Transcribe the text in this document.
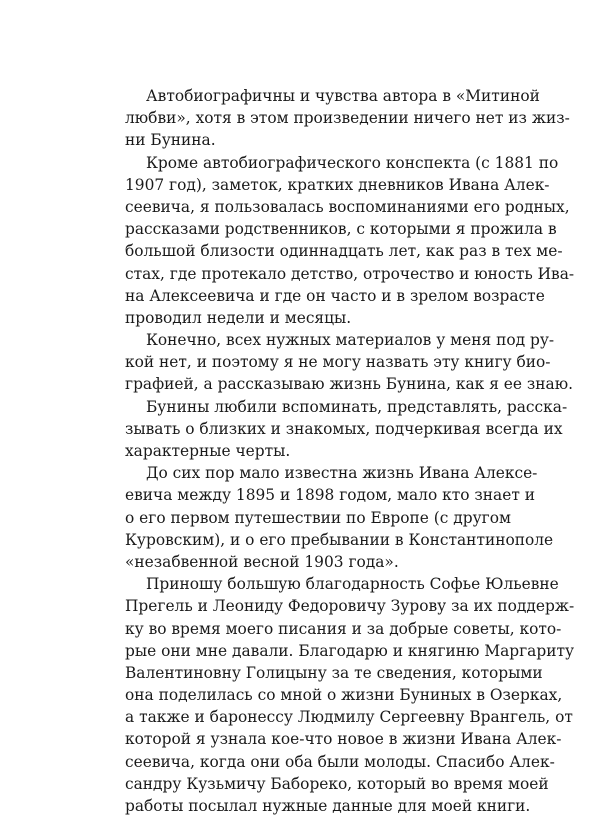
Автобиографичны и чувства автора в «Митиной
любви», хотя в этом произведении ничего нет из жиз-
ни Бунина.
Кроме автобиографического конспекта (с 1881 по
1907 год), заметок, кратких дневников Ивана Алек-
сеевича, я пользовалась воспоминаниями его родных,
рассказами родственников, с которыми я прожила в
большой близости одиннадцать лет, как раз в тех ме-
стах, где протекало детство, отрочество и юность Ива-
на Алексеевича и где он часто и в зрелом возрасте
проводил недели и месяцы.
Конечно, всех нужных материалов у меня под ру-
кой нет, и поэтому я не могу назвать эту книгу био-
графией, а рассказываю жизнь Бунина, как я ее знаю.
Бунины любили вспоминать, представлять, расска-
зывать о близких и знакомых, подчеркивая всегда их
характерные черты.
До сих пор мало известна жизнь Ивана Алексе-
евича между 1895 и 1898 годом, мало кто знает и
о его первом путешествии по Европе (с другом
Куровским), и о его пребывании в Константинополе
«незабвенной весной 1903 года».
Приношу большую благодарность Софье Юльевне
Прегель и Леониду Федоровичу Зурову за их поддерж-
ку во время моего писания и за добрые советы, кото-
рые они мне давали. Благодарю и княгиню Маргариту
Валентиновну Голицыну за те сведения, которыми
она поделилась со мной о жизни Буниных в Озерках,
а также и баронессу Людмилу Сергеевну Врангель, от
которой я узнала кое-что новое в жизни Ивана Алек-
сеевича, когда они оба были молоды. Спасибо Алек-
сандру Кузьмичу Бабореко, который во время моей
работы посылал нужные данные для моей книги.
